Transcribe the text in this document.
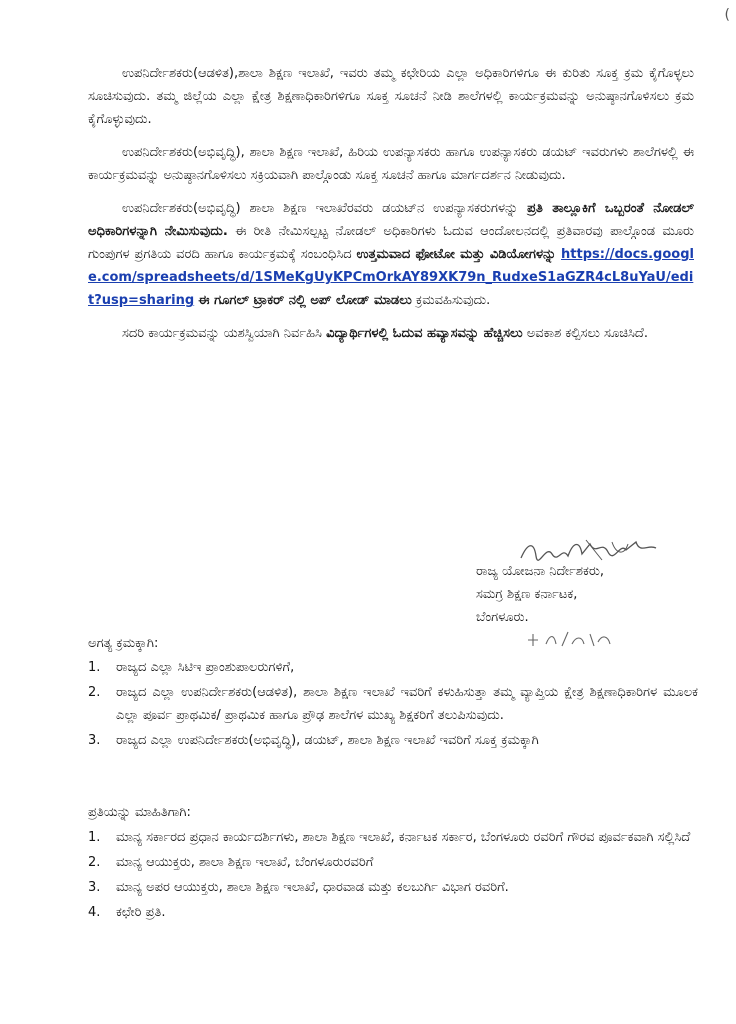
(

ಉಪನಿರ್ದೇಶಕರು(ಆಡಳಿತ),ಶಾಲಾ ಶಿಕ್ಷಣ ಇಲಾಖೆ, ಇವರು ತಮ್ಮ ಕಛೇರಿಯ ಎಲ್ಲಾ ಅಧಿಕಾರಿಗಳಿಗೂ ಈ ಕುರಿತು ಸೂಕ್ತ ಕ್ರಮ ಕೈಗೊಳ್ಳಲು ಸೂಚಿಸುವುದು. ತಮ್ಮ ಜಿಲ್ಲೆಯ ಎಲ್ಲಾ ಕ್ಷೇತ್ರ ಶಿಕ್ಷಣಾಧಿಕಾರಿಗಳಿಗೂ ಸೂಕ್ತ ಸೂಚನೆ ನೀಡಿ ಶಾಲೆಗಳಲ್ಲಿ ಕಾರ್ಯಕ್ರಮವನ್ನು ಅನುಷ್ಠಾನಗೊಳಿಸಲು ಕ್ರಮ ಕೈಗೊಳ್ಳುವುದು.

ಉಪನಿರ್ದೇಶಕರು(ಅಭಿವೃದ್ಧಿ), ಶಾಲಾ ಶಿಕ್ಷಣ ಇಲಾಖೆ, ಹಿರಿಯ ಉಪನ್ಯಾಸಕರು ಹಾಗೂ ಉಪನ್ಯಾಸಕರು ಡಯಟ್ ಇವರುಗಳು ಶಾಲೆಗಳಲ್ಲಿ ಈ ಕಾರ್ಯಕ್ರಮವನ್ನು ಅನುಷ್ಠಾನಗೊಳಿಸಲು ಸಕ್ರಿಯವಾಗಿ ಪಾಲ್ಗೊಂಡು ಸೂಕ್ತ ಸೂಚನೆ ಹಾಗೂ ಮಾರ್ಗದರ್ಶನ ನೀಡುವುದು.

ಉಪನಿರ್ದೇಶಕರು(ಅಭಿವೃದ್ಧಿ) ಶಾಲಾ ಶಿಕ್ಷಣ ಇಲಾಖೆರವರು ಡಯಟ್‌ನ ಉಪನ್ಯಾಸಕರುಗಳನ್ನು ಪ್ರತಿ ತಾಲ್ಲೂಕಿಗೆ ಒಬ್ಬರಂತೆ ನೋಡಲ್ ಅಧಿಕಾರಿಗಳನ್ನಾಗಿ ನೇಮಿಸುವುದು. ಈ ರೀತಿ ನೇಮಿಸಲ್ಪಟ್ಟ ನೋಡಲ್ ಅಧಿಕಾರಿಗಳು ಓದುವ ಆಂದೋಲನದಲ್ಲಿ ಪ್ರತಿವಾರವು ಪಾಲ್ಗೊಂಡ ಮೂರು ಗುಂಪುಗಳ ಪ್ರಗತಿಯ ವರದಿ ಹಾಗೂ ಕಾರ್ಯಕ್ರಮಕ್ಕೆ ಸಂಬಂಧಿಸಿದ ಉತ್ತಮವಾದ ಫೋಟೋ ಮತ್ತು ವಿಡಿಯೋಗಳನ್ನು https://docs.google.com/spreadsheets/d/1SMeKgUyKPCmOrkAY89XK79n_RudxeS1aGZR4cL8uYaU/edit?usp=sharing ಈ ಗೂಗಲ್ ಟ್ರಾಕರ್ ನಲ್ಲಿ ಅಪ್ ಲೋಡ್ ಮಾಡಲು ಕ್ರಮವಹಿಸುವುದು.

ಸದರಿ ಕಾರ್ಯಕ್ರಮವನ್ನು ಯಶಸ್ವಿಯಾಗಿ ನಿರ್ವಹಿಸಿ ವಿದ್ಯಾರ್ಥಿಗಳಲ್ಲಿ ಓದುವ ಹವ್ಯಾಸವನ್ನು ಹೆಚ್ಚಿಸಲು ಅವಕಾಶ ಕಲ್ಪಿಸಲು ಸೂಚಿಸಿದೆ.

ರಾಜ್ಯ ಯೋಜನಾ ನಿರ್ದೇಶಕರು,
ಸಮಗ್ರ ಶಿಕ್ಷಣ ಕರ್ನಾಟಕ,
ಬೆಂಗಳೂರು.
ಅಗತ್ಯ ಕ್ರಮಕ್ಕಾಗಿ:
1. ರಾಜ್ಯದ ಎಲ್ಲಾ ಸಿಟಿಇ ಪ್ರಾಂಶುಪಾಲರುಗಳಿಗೆ,
2. ರಾಜ್ಯದ ಎಲ್ಲಾ ಉಪನಿರ್ದೇಶಕರು(ಆಡಳಿತ), ಶಾಲಾ ಶಿಕ್ಷಣ ಇಲಾಖೆ ಇವರಿಗೆ ಕಳುಹಿಸುತ್ತಾ ತಮ್ಮ ವ್ಯಾಪ್ತಿಯ ಕ್ಷೇತ್ರ ಶಿಕ್ಷಣಾಧಿಕಾರಿಗಳ ಮೂಲಕ ಎಲ್ಲಾ ಪೂರ್ವ ಪ್ರಾಥಮಿಕ/ ಪ್ರಾಥಮಿಕ ಹಾಗೂ ಪ್ರೌಢ ಶಾಲೆಗಳ ಮುಖ್ಯ ಶಿಕ್ಷಕರಿಗೆ ತಲುಪಿಸುವುದು.
3. ರಾಜ್ಯದ ಎಲ್ಲಾ ಉಪನಿರ್ದೇಶಕರು(ಅಭಿವೃದ್ಧಿ), ಡಯಟ್, ಶಾಲಾ ಶಿಕ್ಷಣ ಇಲಾಖೆ ಇವರಿಗೆ ಸೂಕ್ತ ಕ್ರಮಕ್ಕಾಗಿ
ಪ್ರತಿಯನ್ನು ಮಾಹಿತಿಗಾಗಿ:
1. ಮಾನ್ಯ ಸರ್ಕಾರದ ಪ್ರಧಾನ ಕಾರ್ಯದರ್ಶಿಗಳು, ಶಾಲಾ ಶಿಕ್ಷಣ ಇಲಾಖೆ, ಕರ್ನಾಟಕ ಸರ್ಕಾರ, ಬೆಂಗಳೂರು ರವರಿಗೆ ಗೌರವ ಪೂರ್ವಕವಾಗಿ ಸಲ್ಲಿಸಿದೆ
2. ಮಾನ್ಯ ಆಯುಕ್ತರು, ಶಾಲಾ ಶಿಕ್ಷಣ ಇಲಾಖೆ, ಬೆಂಗಳೂರುರವರಿಗೆ
3. ಮಾನ್ಯ ಅಪರ ಆಯುಕ್ತರು, ಶಾಲಾ ಶಿಕ್ಷಣ ಇಲಾಖೆ, ಧಾರವಾಡ ಮತ್ತು ಕಲಬುರ್ಗಿ ವಿಭಾಗ ರವರಿಗೆ.
4. ಕಛೇರಿ ಪ್ರತಿ.
